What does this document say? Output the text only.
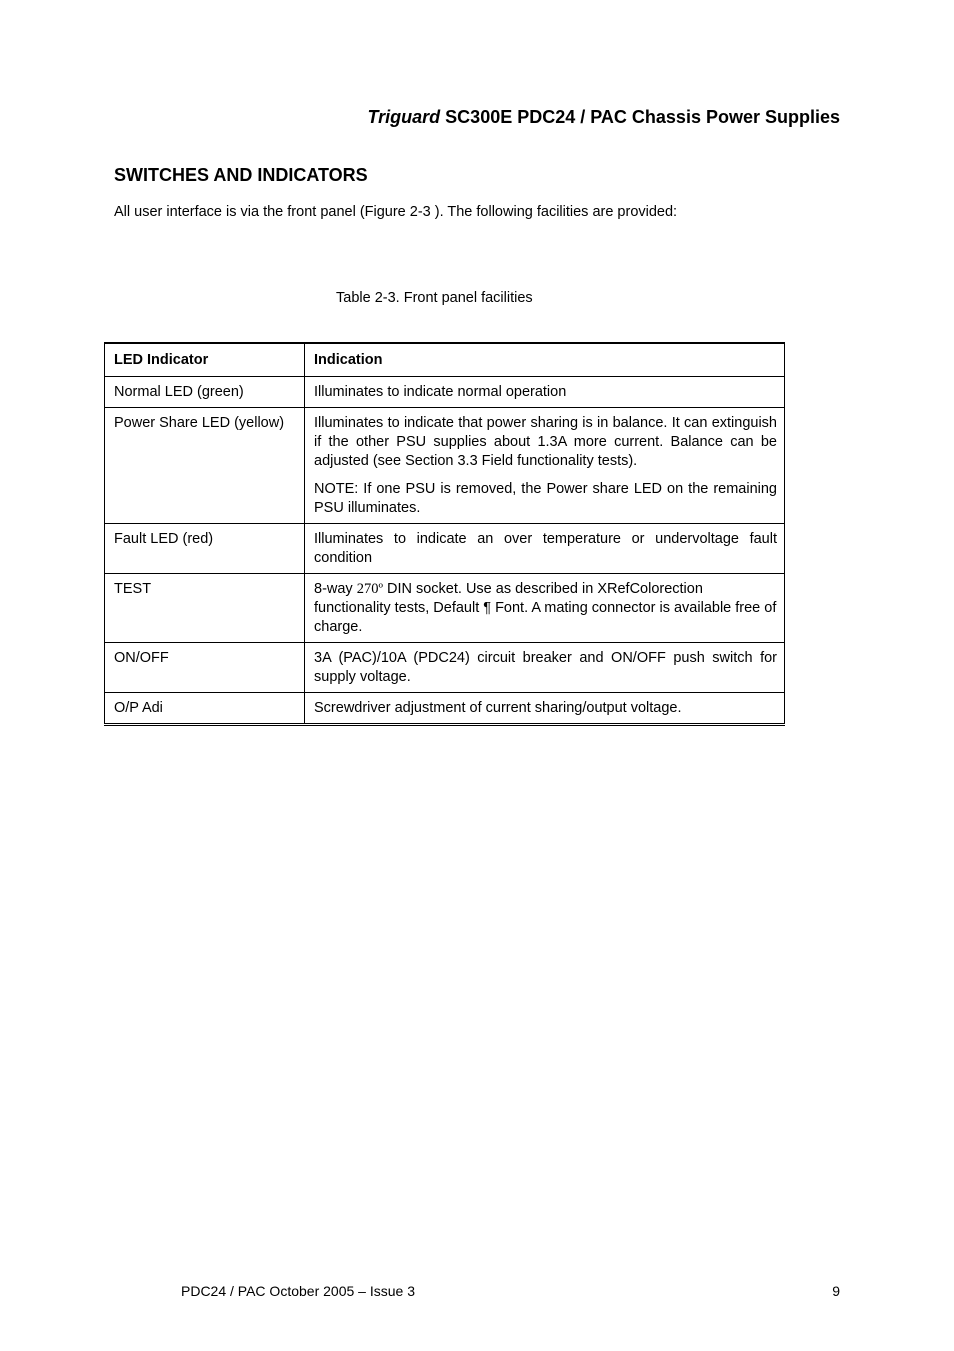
Triguard SC300E PDC24 / PAC Chassis Power Supplies
SWITCHES AND INDICATORS
All user interface is via the front panel (Figure 2-3 ). The following facilities are provided:
Table 2-3. Front panel facilities
LED Indicator	Indication
Normal LED (green)	Illuminates to indicate normal operation

Power Share LED (yellow)	Illuminates to indicate that power sharing is in balance. It can extinguish if the other PSU supplies about 1.3A more current. Balance can be adjusted (see Section 3.3 Field functionality tests).

NOTE: If one PSU is removed, the Power share LED on the remaining PSU illuminates.

Fault LED (red)	Illuminates to indicate an over temperature or undervoltage fault condition

TEST	8-way 270º DIN socket. Use as described in XRefColorection functionality tests, Default ¶ Font. A mating connector is available free of charge.

ON/OFF	3A (PAC)/10A (PDC24) circuit breaker and ON/OFF push switch for supply voltage.

O/P Adi	Screwdriver adjustment of current sharing/output voltage.

PDC24 / PAC October 2005 – Issue 3	9
